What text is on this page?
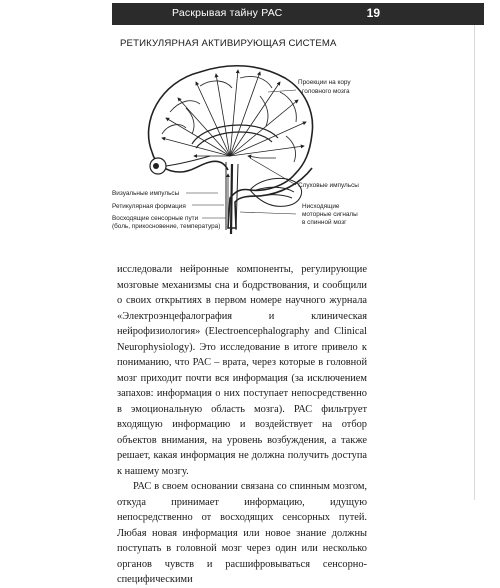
Раскрывая тайну РАС	19
РЕТИКУЛЯРНАЯ АКТИВИРУЮЩАЯ СИСТЕМА
Проекции на кору
головного мозга
Слуховые импульсы
Визуальные импульсы
Ретикулярная формация
Восходящие сенсорные пути
(боль, прикосновение, температура)
Нисходящие
моторные сигналы
в спинной мозг

исследовали нейронные компоненты, регулирующие мозговые механизмы сна и бодрствования, и сообщили о своих открытиях в первом номере научного журнала «Электроэнцефалография и клиническая нейрофизиология» (Electroencephalography and Clinical Neurophysiology). Это исследование в итоге привело к пониманию, что РАС – врата, через которые в головной мозг приходит почти вся информация (за исключением запахов: информация о них поступает непосредственно в эмоциональную область мозга). РАС фильтрует входящую информацию и воздействует на отбор объектов внимания, на уровень возбуждения, а также решает, какая информация не должна получить доступа к нашему мозгу.

РАС в своем основании связана со спинным мозгом, откуда принимает информацию, идущую непосредственно от восходящих сенсорных путей. Любая новая информация или новое знание должны поступать в головной мозг через один или несколько органов чувств и расшифровываться сенсорно-специфическими
